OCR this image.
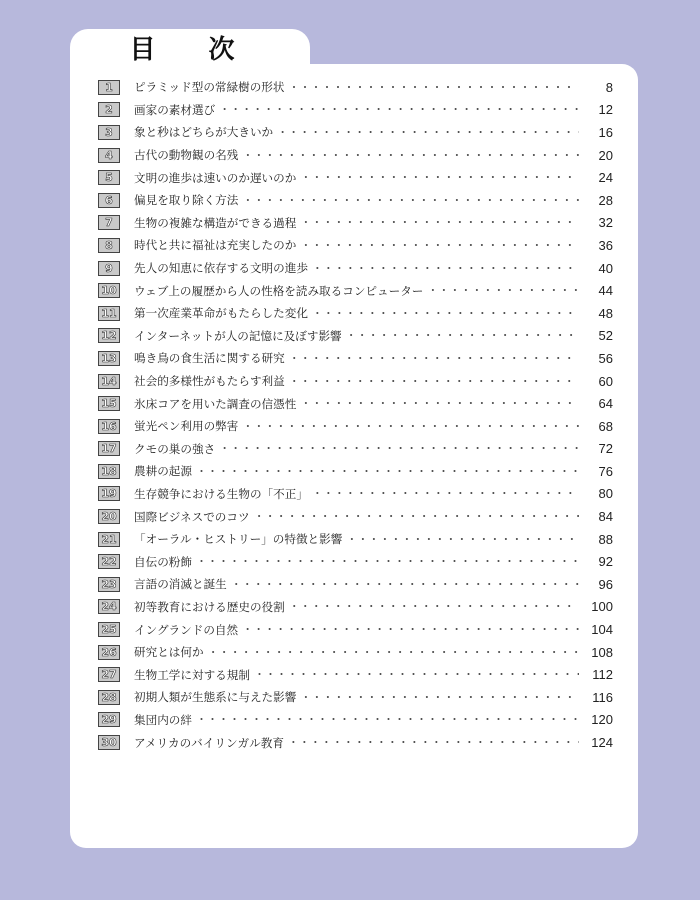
目 次
1	ピラミッド型の常緑樹の形状 ・・・・・・・・・・・・・・・・・・・・・・・・・・・・・・・・・・・・・・・・・・・・・・・・・・・・・・・・	8
2	画家の素材選び ・・・・・・・・・・・・・・・・・・・・・・・・・・・・・・・・・・・・・・・・・・・・・・・・・・・・・・・・	12
3	象と秒はどちらが大きいか ・・・・・・・・・・・・・・・・・・・・・・・・・・・・・・・・・・・・・・・・・・・・・・・・・・・・・・・・	16
4	古代の動物観の名残 ・・・・・・・・・・・・・・・・・・・・・・・・・・・・・・・・・・・・・・・・・・・・・・・・・・・・・・・・	20
5	文明の進歩は速いのか遅いのか ・・・・・・・・・・・・・・・・・・・・・・・・・・・・・・・・・・・・・・・・・・・・・・・・・・・・・・・・	24
6	偏見を取り除く方法 ・・・・・・・・・・・・・・・・・・・・・・・・・・・・・・・・・・・・・・・・・・・・・・・・・・・・・・・・	28
7	生物の複雑な構造ができる過程 ・・・・・・・・・・・・・・・・・・・・・・・・・・・・・・・・・・・・・・・・・・・・・・・・・・・・・・・・	32
8	時代と共に福祉は充実したのか ・・・・・・・・・・・・・・・・・・・・・・・・・・・・・・・・・・・・・・・・・・・・・・・・・・・・・・・・	36
9	先人の知恵に依存する文明の進歩 ・・・・・・・・・・・・・・・・・・・・・・・・・・・・・・・・・・・・・・・・・・・・・・・・・・・・・・・・	40
10 ウェブ上の履歴から人の性格を読み取るコンピューター ・・・・・・・・・・・・・・・・・・・・・・・・・・・・・・・・・・・・・・・・・・・・・・・・・・・・・・・・	44
11 第一次産業革命がもたらした変化 ・・・・・・・・・・・・・・・・・・・・・・・・・・・・・・・・・・・・・・・・・・・・・・・・・・・・・・・・	48
12 インターネットが人の記憶に及ぼす影響 ・・・・・・・・・・・・・・・・・・・・・・・・・・・・・・・・・・・・・・・・・・・・・・・・・・・・・・・・	52
13 鳴き鳥の食生活に関する研究 ・・・・・・・・・・・・・・・・・・・・・・・・・・・・・・・・・・・・・・・・・・・・・・・・・・・・・・・・	56
14 社会的多様性がもたらす利益 ・・・・・・・・・・・・・・・・・・・・・・・・・・・・・・・・・・・・・・・・・・・・・・・・・・・・・・・・	60
15 氷床コアを用いた調査の信憑性 ・・・・・・・・・・・・・・・・・・・・・・・・・・・・・・・・・・・・・・・・・・・・・・・・・・・・・・・・	64
16 蛍光ペン利用の弊害 ・・・・・・・・・・・・・・・・・・・・・・・・・・・・・・・・・・・・・・・・・・・・・・・・・・・・・・・・	68
17 クモの巣の強さ ・・・・・・・・・・・・・・・・・・・・・・・・・・・・・・・・・・・・・・・・・・・・・・・・・・・・・・・・	72
18 農耕の起源 ・・・・・・・・・・・・・・・・・・・・・・・・・・・・・・・・・・・・・・・・・・・・・・・・・・・・・・・・	76
19 生存競争における生物の「不正」 ・・・・・・・・・・・・・・・・・・・・・・・・・・・・・・・・・・・・・・・・・・・・・・・・・・・・・・・・	80
20 国際ビジネスでのコツ ・・・・・・・・・・・・・・・・・・・・・・・・・・・・・・・・・・・・・・・・・・・・・・・・・・・・・・・・	84
21 「オーラル・ヒストリー」の特徴と影響 ・・・・・・・・・・・・・・・・・・・・・・・・・・・・・・・・・・・・・・・・・・・・・・・・・・・・・・・・	88
22 自伝の粉飾 ・・・・・・・・・・・・・・・・・・・・・・・・・・・・・・・・・・・・・・・・・・・・・・・・・・・・・・・・	92
23 言語の消滅と誕生 ・・・・・・・・・・・・・・・・・・・・・・・・・・・・・・・・・・・・・・・・・・・・・・・・・・・・・・・・	96
24 初等教育における歴史の役割 ・・・・・・・・・・・・・・・・・・・・・・・・・・・・・・・・・・・・・・・・・・・・・・・・・・・・・・・・	100
25 イングランドの自然 ・・・・・・・・・・・・・・・・・・・・・・・・・・・・・・・・・・・・・・・・・・・・・・・・・・・・・・・・	104
26 研究とは何か ・・・・・・・・・・・・・・・・・・・・・・・・・・・・・・・・・・・・・・・・・・・・・・・・・・・・・・・・	108
27 生物工学に対する規制 ・・・・・・・・・・・・・・・・・・・・・・・・・・・・・・・・・・・・・・・・・・・・・・・・・・・・・・・・	112
28 初期人類が生態系に与えた影響 ・・・・・・・・・・・・・・・・・・・・・・・・・・・・・・・・・・・・・・・・・・・・・・・・・・・・・・・・	116
29 集団内の絆 ・・・・・・・・・・・・・・・・・・・・・・・・・・・・・・・・・・・・・・・・・・・・・・・・・・・・・・・・	120
30 アメリカのバイリンガル教育 ・・・・・・・・・・・・・・・・・・・・・・・・・・・・・・・・・・・・・・・・・・・・・・・・・・・・・・・・	124
